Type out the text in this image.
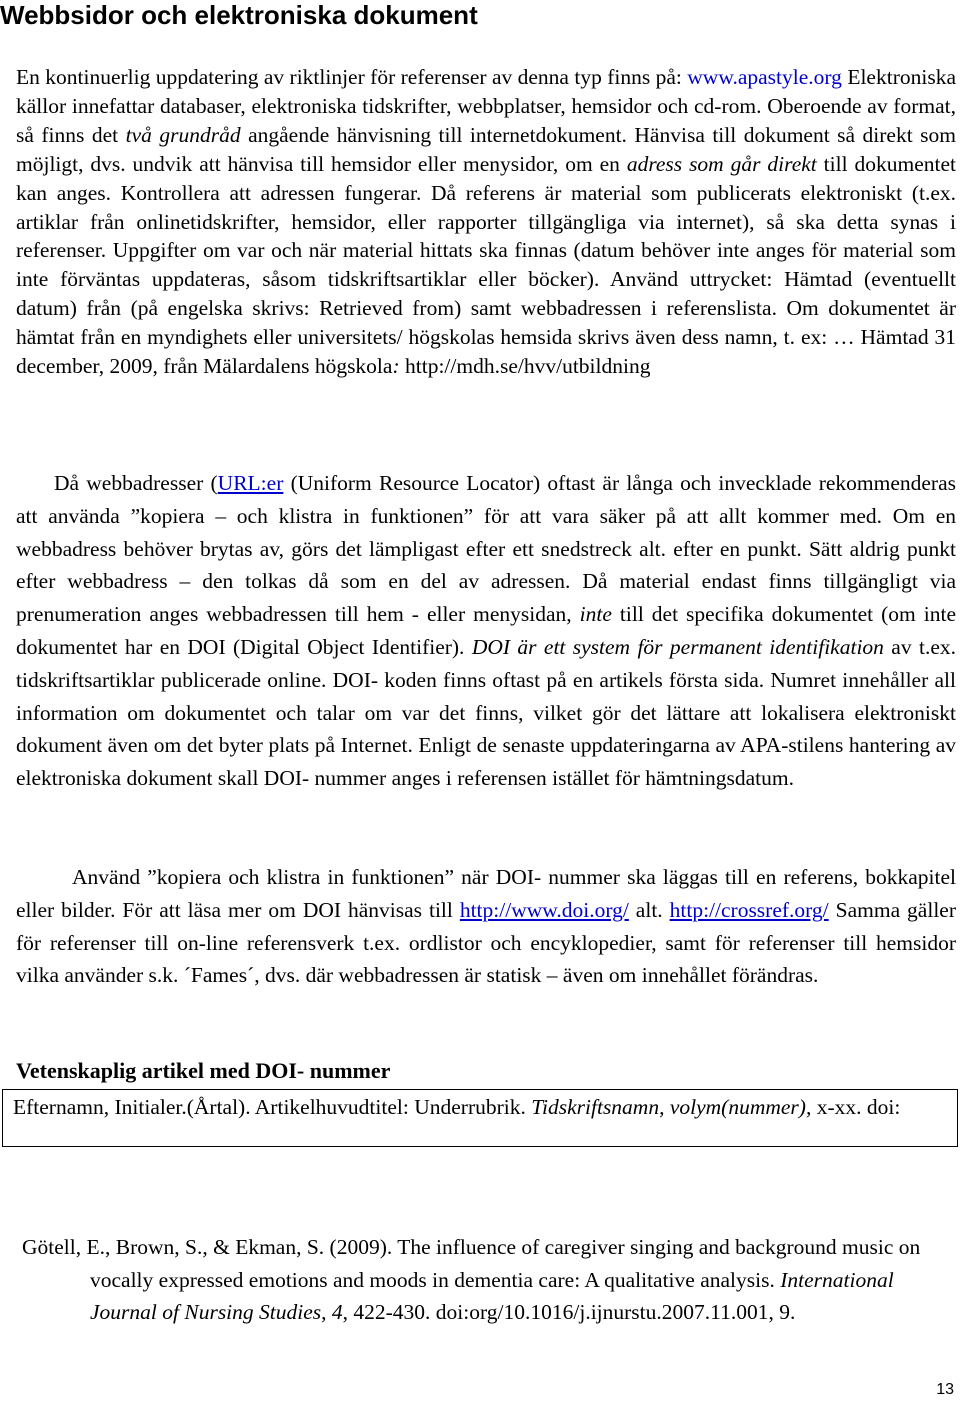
Webbsidor och elektroniska dokument

En kontinuerlig uppdatering av riktlinjer för referenser av denna typ finns på: www.apastyle.org Elektroniska källor innefattar databaser, elektroniska tidskrifter, webbplatser, hemsidor och cd-rom. Oberoende av format, så finns det två grundråd angående hänvisning till internetdokument. Hänvisa till dokument så direkt som möjligt, dvs. undvik att hänvisa till hemsidor eller menysidor, om en adress som går direkt till dokumentet kan anges. Kontrollera att adressen fungerar. Då referens är material som publicerats elektroniskt (t.ex. artiklar från onlinetidskrifter, hemsidor, eller rapporter tillgängliga via internet), så ska detta synas i referenser. Uppgifter om var och när material hittats ska finnas (datum behöver inte anges för material som inte förväntas uppdateras, såsom tidskriftsartiklar eller böcker). Använd uttrycket: Hämtad (eventuellt datum) från (på engelska skrivs: Retrieved from) samt webbadressen i referenslista. Om dokumentet är hämtat från en myndighets eller universitets/ högskolas hemsida skrivs även dess namn, t. ex: … Hämtad 31 december, 2009, från Mälardalens högskola: http://mdh.se/hvv/utbildning

Då webbadresser (URL:er (Uniform Resource Locator) oftast är långa och invecklade rekommenderas att använda ”kopiera – och klistra in funktionen” för att vara säker på att allt kommer med. Om en webbadress behöver brytas av, görs det lämpligast efter ett snedstreck alt. efter en punkt. Sätt aldrig punkt efter webbadress – den tolkas då som en del av adressen. Då material endast finns tillgängligt via prenumeration anges webbadressen till hem - eller menysidan, inte till det specifika dokumentet (om inte dokumentet har en DOI (Digital Object Identifier). DOI är ett system för permanent identifikation av t.ex. tidskriftsartiklar publicerade online. DOI- koden finns oftast på en artikels första sida. Numret innehåller all information om dokumentet och talar om var det finns, vilket gör det lättare att lokalisera elektroniskt dokument även om det byter plats på Internet. Enligt de senaste uppdateringarna av APA-stilens hantering av elektroniska dokument skall DOI- nummer anges i referensen istället för hämtningsdatum.

Använd ”kopiera och klistra in funktionen” när DOI- nummer ska läggas till en referens, bokkapitel eller bilder. För att läsa mer om DOI hänvisas till http://www.doi.org/ alt. http://crossref.org/ Samma gäller för referenser till on-line referensverk t.ex. ordlistor och encyklopedier, samt för referenser till hemsidor vilka använder s.k. ´Fames´, dvs. där webbadressen är statisk – även om innehållet förändras.

Vetenskaplig artikel med DOI- nummer
Efternamn, Initialer.(Årtal). Artikelhuvudtitel: Underrubrik. Tidskriftsnamn, volym(nummer), x-xx. doi:

Götell, E., Brown, S., & Ekman, S. (2009). The influence of caregiver singing and background music on vocally expressed emotions and moods in dementia care: A qualitative analysis. International Journal of Nursing Studies, 4, 422-430. doi:org/10.1016/j.ijnurstu.2007.11.001, 9.

13
